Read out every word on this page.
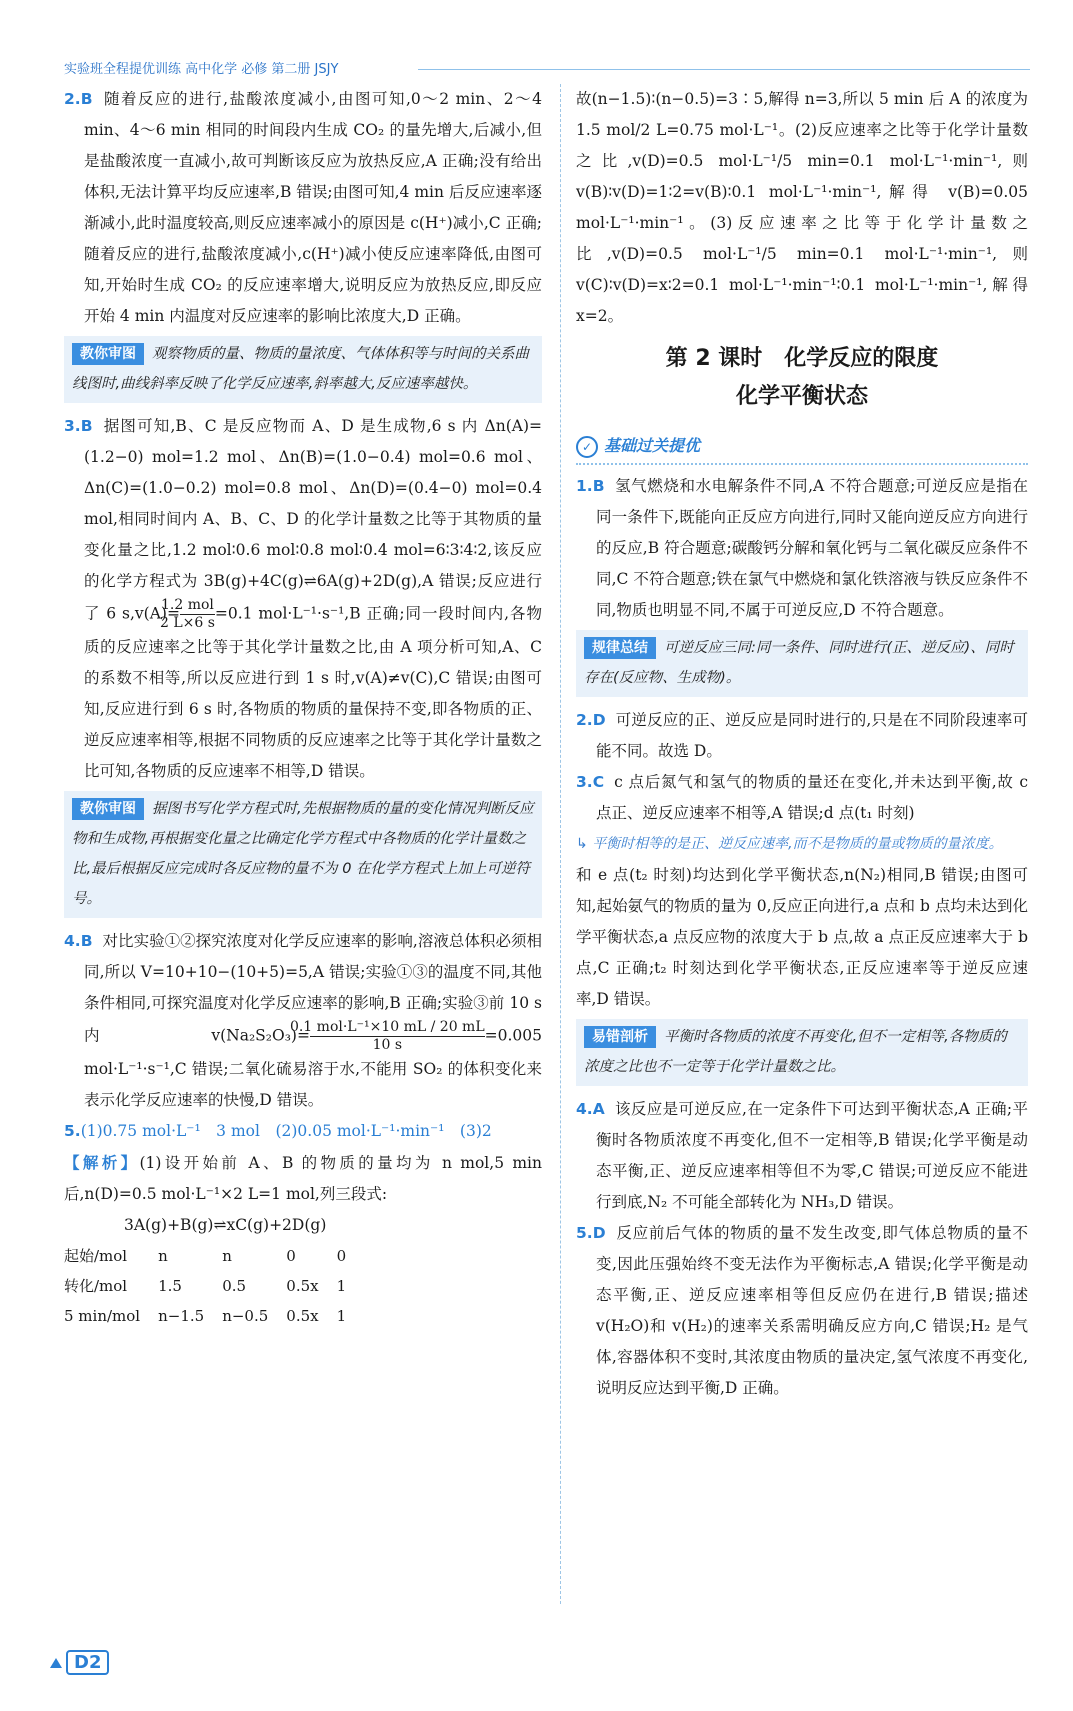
实验班全程提优训练 高中化学 必修 第二册 JSJY

2.B 随着反应的进行,盐酸浓度减小,由图可知,0～2 min、2～4 min、4～6 min 相同的时间段内生成 CO₂ 的量先增大,后减小,但是盐酸浓度一直减小,故可判断该反应为放热反应,A 正确;没有给出体积,无法计算平均反应速率,B 错误;由图可知,4 min 后反应速率逐渐减小,此时温度较高,则反应速率减小的原因是 c(H⁺)减小,C 正确;随着反应的进行,盐酸浓度减小,c(H⁺)减小使反应速率降低,由图可知,开始时生成 CO₂ 的反应速率增大,说明反应为放热反应,即反应开始 4 min 内温度对反应速率的影响比浓度大,D 正确。

教你审图 观察物质的量、物质的量浓度、气体体积等与时间的关系曲线图时,曲线斜率反映了化学反应速率,斜率越大,反应速率越快。

3.B 据图可知,B、C 是反应物而 A、D 是生成物,6 s 内 Δn(A)=(1.2−0) mol=1.2 mol、Δn(B)=(1.0−0.4) mol=0.6 mol、Δn(C)=(1.0−0.2) mol=0.8 mol、Δn(D)=(0.4−0) mol=0.4 mol,相同时间内 A、B、C、D 的化学计量数之比等于其物质的量变化量之比,1.2 mol∶0.6 mol∶0.8 mol∶0.4 mol=6∶3∶4∶2,该反应的化学方程式为 3B(g)+4C(g)⇌6A(g)+2D(g),A 错误;反应进行了 6 s,v(A)=
1.2 mol
2 L×6 s
=0.1 mol·L⁻¹·s⁻¹,B 正确;同一段时间内,各物质的反应速率之比等于其化学计量数之比,由 A 项分析可知,A、C 的系数不相等,所以反应进行到 1 s 时,v(A)≠v(C),C 错误;由图可知,反应进行到 6 s 时,各物质的物质的量保持不变,即各物质的正、逆反应速率相等,根据不同物质的反应速率之比等于其化学计量数之比可知,各物质的反应速率不相等,D 错误。

教你审图 据图书写化学方程式时,先根据物质的量的变化情况判断反应物和生成物,再根据变化量之比确定化学方程式中各物质的化学计量数之比,最后根据反应完成时各反应物的量不为 0 在化学方程式上加上可逆符号。

4.B 对比实验①②探究浓度对化学反应速率的影响,溶液总体积必须相同,所以 V=10+10−(10+5)=5,A 错误;实验①③的温度不同,其他条件相同,可探究温度对化学反应速率的影响,B 正确;实验③前 10 s 内 v(Na₂S₂O₃)=
0.1 mol·L⁻¹×10 mL / 20 mL
10 s
=0.005 mol·L⁻¹·s⁻¹,C 错误;二氧化硫易溶于水,不能用 SO₂ 的体积变化来表示化学反应速率的快慢,D 错误。

5.(1)0.75 mol·L⁻¹　3 mol　(2)0.05 mol·L⁻¹·min⁻¹　(3)2

【解析】(1)设开始前 A、B 的物质的量均为 n mol,5 min 后,n(D)=0.5 mol·L⁻¹×2 L=1 mol,列三段式:

3A(g)+B(g)⇌xC(g)+2D(g)
起始/mol	n	n	0	0
转化/mol	1.5	0.5	0.5x	1
5 min/mol	n−1.5	n−0.5	0.5x	1

故(n−1.5)∶(n−0.5)=3∶5,解得 n=3,所以 5 min 后 A 的浓度为 1.5 mol/2 L=0.75 mol·L⁻¹。(2)反应速率之比等于化学计量数之比,v(D)=0.5 mol·L⁻¹/5 min=0.1 mol·L⁻¹·min⁻¹,则 v(B)∶v(D)=1∶2=v(B)∶0.1 mol·L⁻¹·min⁻¹,解得 v(B)=0.05 mol·L⁻¹·min⁻¹。(3)反应速率之比等于化学计量数之比,v(D)=0.5 mol·L⁻¹/5 min=0.1 mol·L⁻¹·min⁻¹,则 v(C)∶v(D)=x∶2=0.1 mol·L⁻¹·min⁻¹∶0.1 mol·L⁻¹·min⁻¹,解得 x=2。

第 2 课时　化学反应的限度
化学平衡状态
✓ 基础过关提优

1.B 氢气燃烧和水电解条件不同,A 不符合题意;可逆反应是指在同一条件下,既能向正反应方向进行,同时又能向逆反应方向进行的反应,B 符合题意;碳酸钙分解和氧化钙与二氧化碳反应条件不同,C 不符合题意;铁在氯气中燃烧和氯化铁溶液与铁反应条件不同,物质也明显不同,不属于可逆反应,D 不符合题意。

规律总结 可逆反应三同:同一条件、同时进行(正、逆反应)、同时存在(反应物、生成物)。

2.D 可逆反应的正、逆反应是同时进行的,只是在不同阶段速率可能不同。故选 D。

3.C c 点后氮气和氢气的物质的量还在变化,并未达到平衡,故 c 点正、逆反应速率不相等,A 错误;d 点(t₁ 时刻)

↳ 平衡时相等的是正、逆反应速率,而不是物质的量或物质的量浓度。

和 e 点(t₂ 时刻)均达到化学平衡状态,n(N₂)相同,B 错误;由图可知,起始氨气的物质的量为 0,反应正向进行,a 点和 b 点均未达到化学平衡状态,a 点反应物的浓度大于 b 点,故 a 点正反应速率大于 b 点,C 正确;t₂ 时刻达到化学平衡状态,正反应速率等于逆反应速率,D 错误。

易错剖析 平衡时各物质的浓度不再变化,但不一定相等,各物质的浓度之比也不一定等于化学计量数之比。

4.A 该反应是可逆反应,在一定条件下可达到平衡状态,A 正确;平衡时各物质浓度不再变化,但不一定相等,B 错误;化学平衡是动态平衡,正、逆反应速率相等但不为零,C 错误;可逆反应不能进行到底,N₂ 不可能全部转化为 NH₃,D 错误。

5.D 反应前后气体的物质的量不发生改变,即气体总物质的量不变,因此压强始终不变无法作为平衡标志,A 错误;化学平衡是动态平衡,正、逆反应速率相等但反应仍在进行,B 错误;描述 v(H₂O)和 v(H₂)的速率关系需明确反应方向,C 错误;H₂ 是气体,容器体积不变时,其浓度由物质的量决定,氢气浓度不再变化,说明反应达到平衡,D 正确。

D2
